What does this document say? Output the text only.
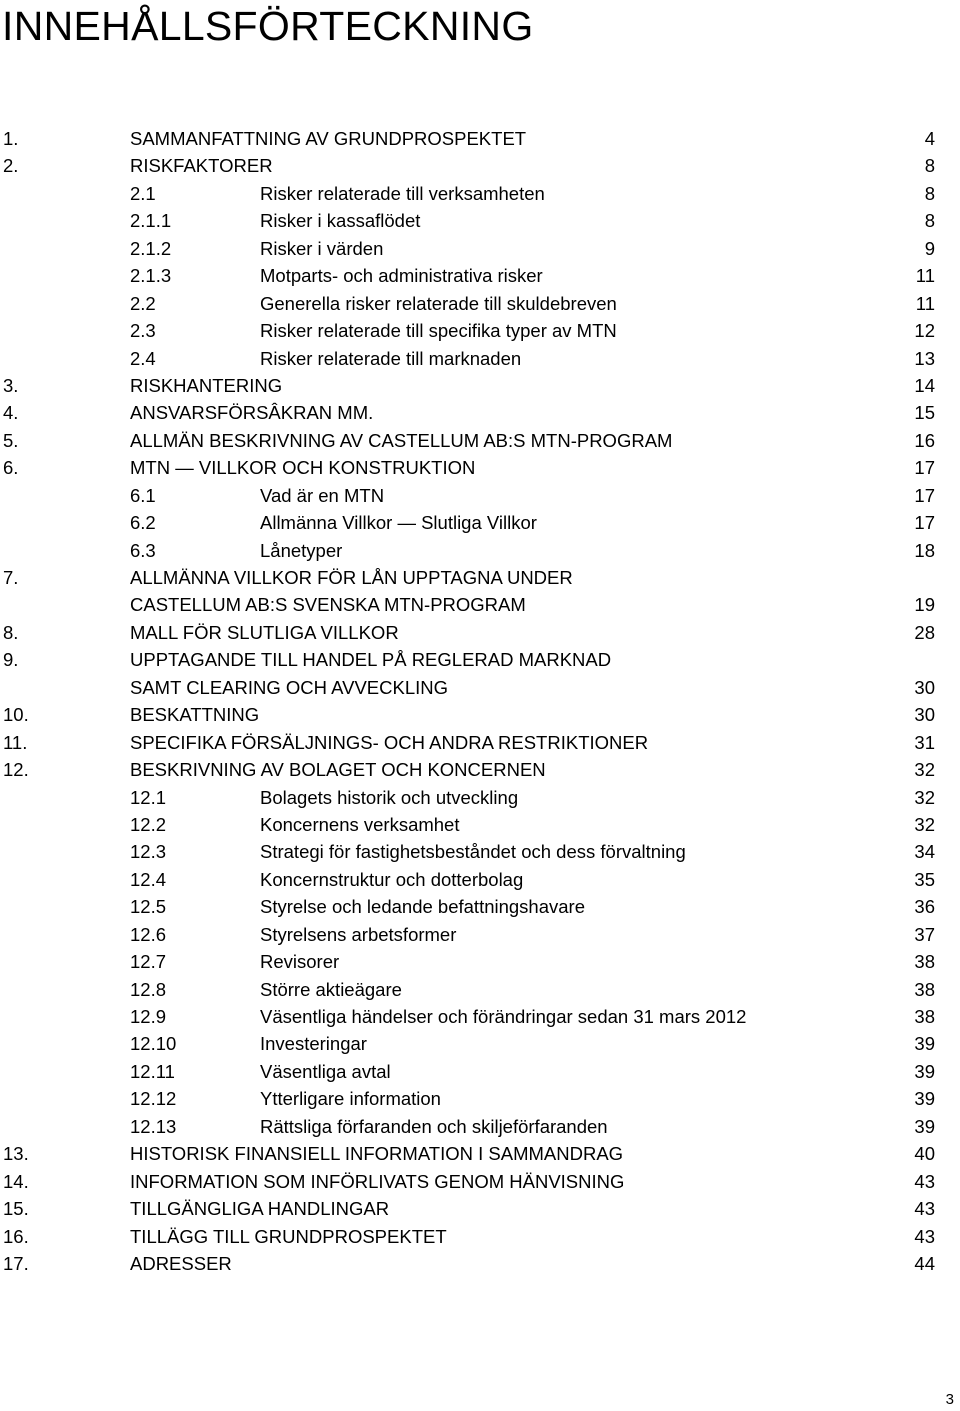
INNEHÅLLSFÖRTECKNING
1.	SAMMANFATTNING AV GRUNDPROSPEKTET	4
2.	RISKFAKTORER	8
2.1	Risker relaterade till verksamheten	8
2.1.1	Risker i kassaflödet	8
2.1.2	Risker i värden	9
2.1.3	Motparts- och administrativa risker	11
2.2	Generella risker relaterade till skuldebreven	11
2.3	Risker relaterade till specifika typer av MTN	12
2.4	Risker relaterade till marknaden	13
3.	RISKHANTERING	14
4.	ANSVARSFÖRSÂKRAN MM.	15
5.	ALLMÄN BESKRIVNING AV CASTELLUM AB:S MTN-PROGRAM	16
6.	MTN — VILLKOR OCH KONSTRUKTION	17
6.1	Vad är en MTN	17
6.2	Allmänna Villkor — Slutliga Villkor	17
6.3	Lånetyper	18
7.	ALLMÄNNA VILLKOR FÖR LÅN UPPTAGNA UNDER
CASTELLUM AB:S SVENSKA MTN-PROGRAM	19
8.	MALL FÖR SLUTLIGA VILLKOR	28
9.	UPPTAGANDE TILL HANDEL PÅ REGLERAD MARKNAD
SAMT CLEARING OCH AVVECKLING	30
10.	BESKATTNING	30
11.	SPECIFIKA FÖRSÄLJNINGS- OCH ANDRA RESTRIKTIONER	31
12.	BESKRIVNING AV BOLAGET OCH KONCERNEN	32
12.1	Bolagets historik och utveckling	32
12.2	Koncernens verksamhet	32
12.3	Strategi för fastighetsbeståndet och dess förvaltning	34
12.4	Koncernstruktur och dotterbolag	35
12.5	Styrelse och ledande befattningshavare	36
12.6	Styrelsens arbetsformer	37
12.7	Revisorer	38
12.8	Större aktieägare	38
12.9	Väsentliga händelser och förändringar sedan 31 mars 2012	38
12.10	Investeringar	39
12.11	Väsentliga avtal	39
12.12	Ytterligare information	39
12.13	Rättsliga förfaranden och skiljeförfaranden	39
13.	HISTORISK FINANSIELL INFORMATION I SAMMANDRAG	40
14.	INFORMATION SOM INFÖRLIVATS GENOM HÄNVISNING	43
15.	TILLGÄNGLIGA HANDLINGAR	43
16.	TILLÄGG TILL GRUNDPROSPEKTET	43
17.	ADRESSER	44
3
